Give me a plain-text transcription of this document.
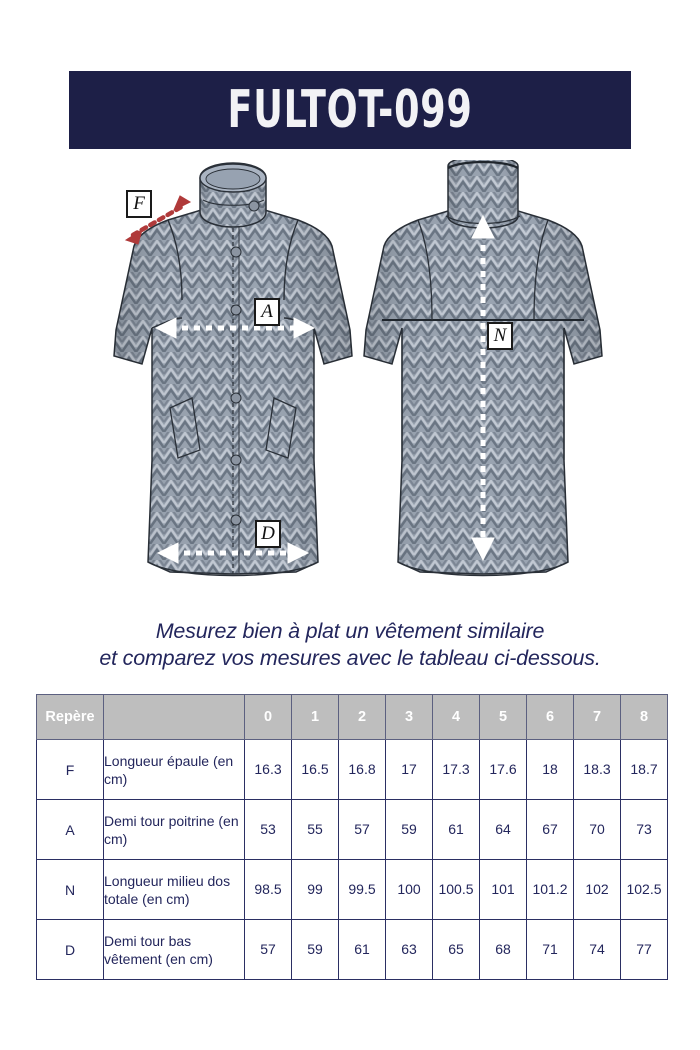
FULTOT-099
F
A
D
N
Mesurez bien à plat un vêtement similaire
et comparez vos mesures avec le tableau ci-dessous.
Repère		0	1	2	3	4	5	6	7	8
F	Longueur épaule (en cm)	16.3	16.5	16.8	17	17.3	17.6	18	18.3	18.7
A	Demi tour poitrine (en cm)	53	55	57	59	61	64	67	70	73
N	Longueur milieu dos totale (en cm)	98.5	99	99.5	100	100.5	101	101.2	102	102.5
D	Demi tour bas vêtement (en cm)	57	59	61	63	65	68	71	74	77
